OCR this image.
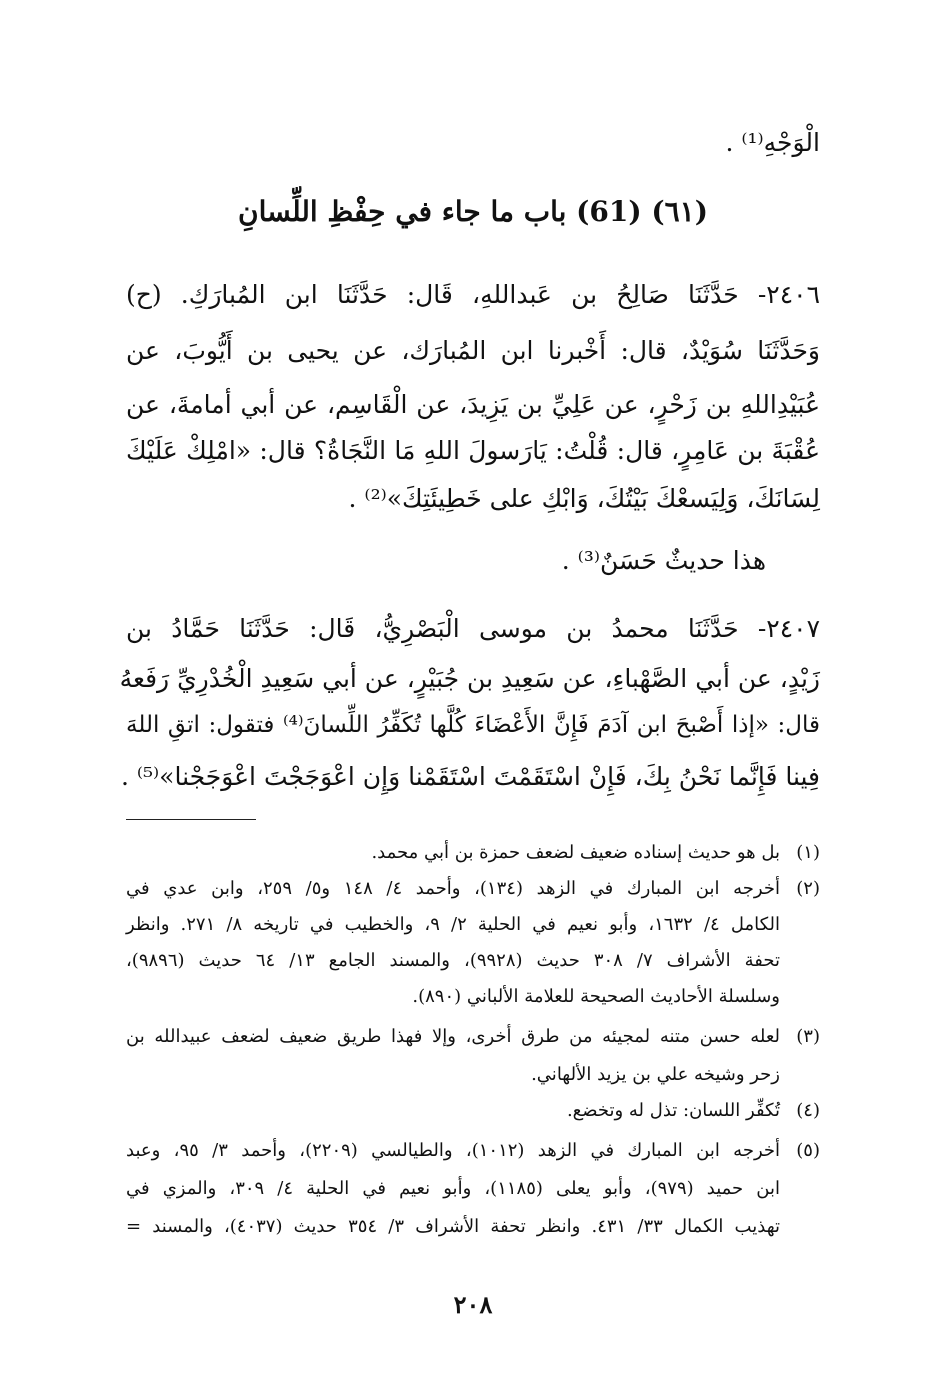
الْوَجْهِ⁽¹⁾ .

(٦١) (61) باب ما جاء في حِفْظِ اللِّسانِ

٢٤٠٦- حَدَّثَنَا صَالِحُ بن عَبداللهِ، قَال: حَدَّثَنَا ابن المُبارَكِ. (ح)

وَحَدَّثَنَا سُوَيْدٌ، قال: أَخْبرنا ابن المُبارَك، عن يحيى بن أَيُّوبَ، عن

عُبَيْدِاللهِ بن زَحْرٍ، عن عَلِيِّ بن يَزِيدَ، عن الْقَاسِم، عن أبي أمامةَ، عن

عُقْبَةَ بن عَامِرٍ، قال: قُلْتُ: يَارَسولَ اللهِ مَا النَّجَاةُ؟ قال: «امْلِكْ عَلَيْكَ

لِسَانَكَ، وَلِيَسعْكَ بَيْتُكَ، وَابْكِ على خَطِيئَتِكَ»⁽²⁾ .

هذا حديثٌ حَسَنٌ⁽³⁾ .

٢٤٠٧- حَدَّثَنَا محمدُ بن موسى الْبَصْرِيُّ، قَال: حَدَّثَنَا حَمَّادُ بن

زَيْدٍ، عن أبي الصَّهْباءِ، عن سَعِيدِ بن جُبَيْرٍ، عن أبي سَعِيدِ الْخُدْرِيِّ رَفَعهُ

قال: «إذا أَصْبحَ ابن آدَمَ فَإِنَّ الأَعْضَاءَ كُلَّها تُكَفِّرُ اللِّسانَ⁽⁴⁾ فتقول: اتقِ اللهَ

فِينا فَإِنَّما نَحْنُ بِكَ، فَإِنْ اسْتَقَمْتَ اسْتَقَمْنا وَإِن اعْوَجَجْتَ اعْوَجَجْنا»⁽⁵⁾ .

(١)

بل هو حديث إسناده ضعيف لضعف حمزة بن أبي محمد.

(٢)

أخرجه ابن المبارك في الزهد (١٣٤)، وأحمد ٤/ ١٤٨ و٥/ ٢٥٩، وابن عدي في

الكامل ٤/ ١٦٣٢، وأبو نعيم في الحلية ٢/ ٩، والخطيب في تاريخه ٨/ ٢٧١. وانظر

تحفة الأشراف ٧/ ٣٠٨ حديث (٩٩٢٨)، والمسند الجامع ١٣/ ٦٤ حديث (٩٨٩٦)،

وسلسلة الأحاديث الصحيحة للعلامة الألباني (٨٩٠).

(٣)

لعله حسن متنه لمجيئه من طرق أخرى، وإلا فهذا طريق ضعيف لضعف عبيدالله بن

زحر وشيخه علي بن يزيد الألهاني.

(٤)

تُكفِّر اللسان: تذل له وتخضع.

(٥)

أخرجه ابن المبارك في الزهد (١٠١٢)، والطيالسي (٢٢٠٩)، وأحمد ٣/ ٩٥، وعبد

ابن حميد (٩٧٩)، وأبو يعلى (١١٨٥)، وأبو نعيم في الحلية ٤/ ٣٠٩، والمزي في

تهذيب الكمال ٣٣/ ٤٣١. وانظر تحفة الأشراف ٣/ ٣٥٤ حديث (٤٠٣٧)، والمسند =

٢٠٨
